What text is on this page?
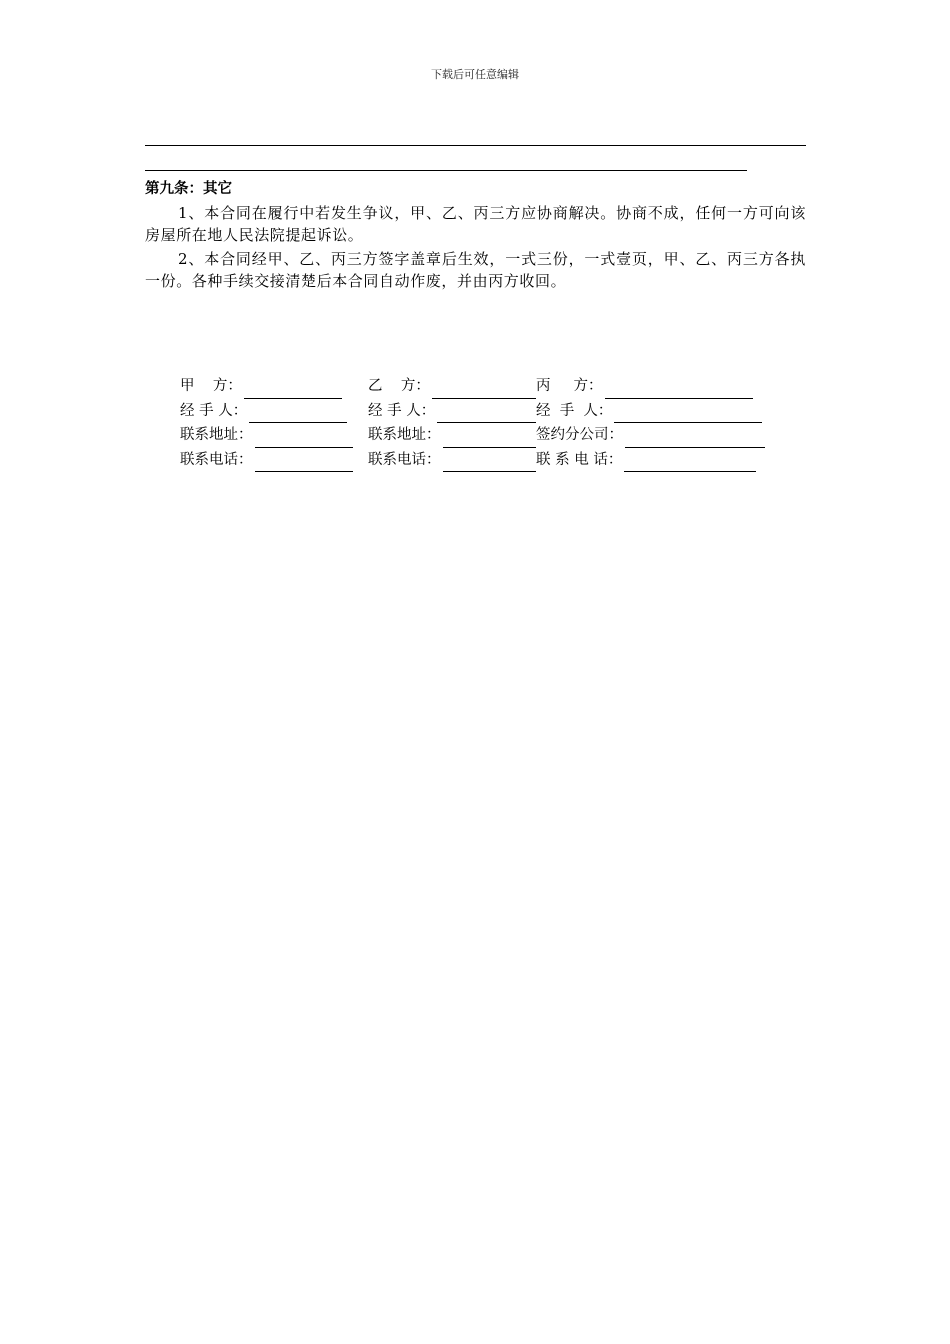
下载后可任意编辑
第九条：其它

1、本合同在履行中若发生争议，甲、乙、丙三方应协商解决。协商不成，任何一方可向该房屋所在地人民法院提起诉讼。

2、本合同经甲、乙、丙三方签字盖章后生效，一式三份，一式壹页，甲、乙、丙三方各执一份。各种手续交接清楚后本合同自动作废，并由丙方收回。

甲    方：	乙    方：	丙     方：
经 手 人：	经 手 人：	经  手  人：
联系地址：	联系地址：	签约分公司：
联系电话：	联系电话：	联 系 电 话：
